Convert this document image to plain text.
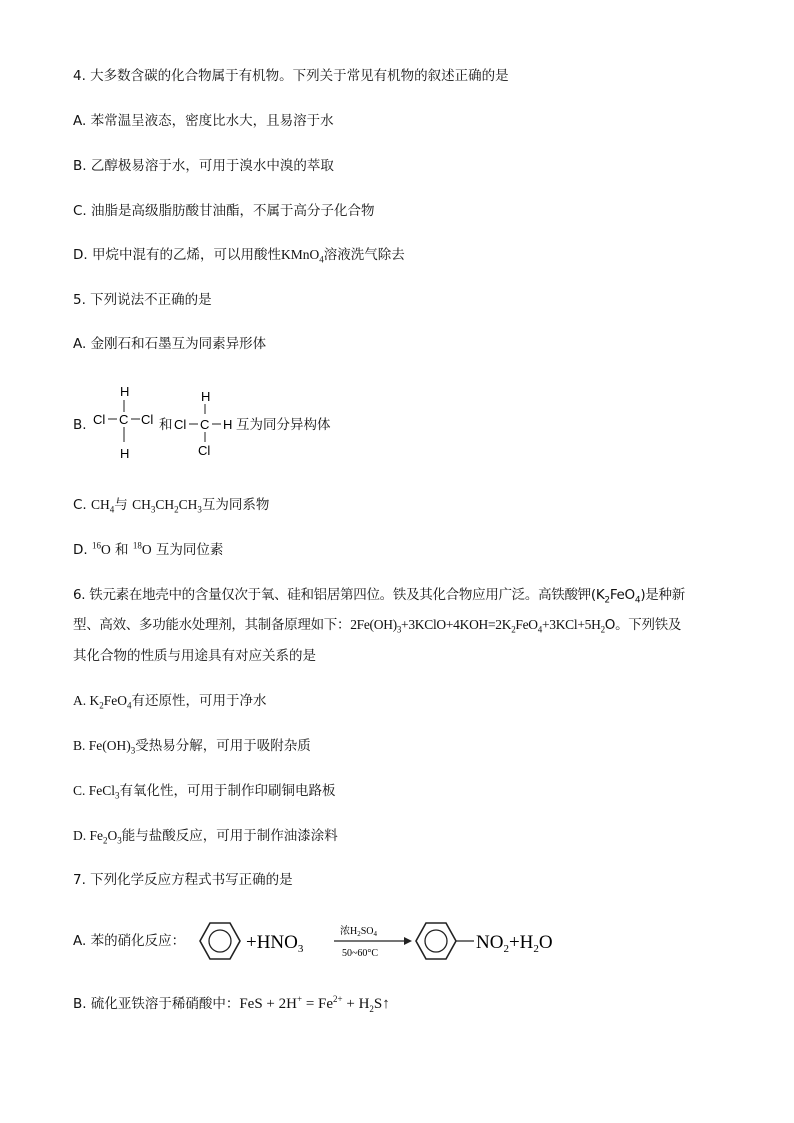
4. 大多数含碳的化合物属于有机物。下列关于常见有机物的叙述正确的是
A. 苯常温呈液态，密度比水大，且易溶于水
B. 乙醇极易溶于水，可用于溴水中溴的萃取
C. 油脂是高级脂肪酸甘油酯，不属于高分子化合物
D. 甲烷中混有的乙烯，可以用酸性KMnO$_4$溶液洗气除去
5. 下列说法不正确的是
A. 金刚石和石墨互为同素异形体
B.
H
Cl C Cl
H
和
H
Cl C H
Cl
互为同分异构体
C. $CH_4$与 $CH_3CH_2CH_3$互为同系物
D. $^{16}$O 和 $^{18}$O 互为同位素
6. 铁元素在地壳中的含量仅次于氧、硅和铝居第四位。铁及其化合物应用广泛。高铁酸钾$(K_2FeO_4)$是种新
型、高效、多功能水处理剂，其制备原理如下：$2Fe(OH)_3+3KClO+4KOH=2K_2FeO_4+3KCl+5H_2O$。下列铁及
其化合物的性质与用途具有对应关系的是
A. $K_2FeO_4$有还原性，可用于净水
B. $Fe(OH)_3$受热易分解，可用于吸附杂质
C. FeCl$_3$有氧化性，可用于制作印刷铜电路板
D. $Fe_2O_3$能与盐酸反应，可用于制作油漆涂料
7. 下列化学反应方程式书写正确的是
A. 苯的硝化反应：	$+HNO_3$
浓$H_2SO_4$
50~60°C
$NO_2+H_2O$
B. 硫化亚铁溶于稀硝酸中：FeS + $2H^+ = Fe^{2+}$ + $H_2S↑$
